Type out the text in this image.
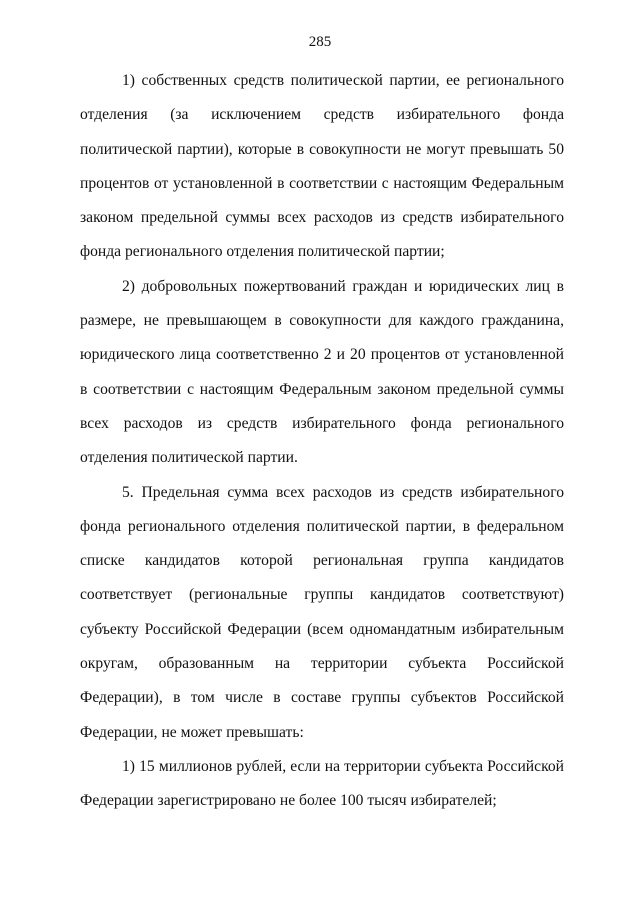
285

1) собственных средств политической партии, ее регионального отделения (за исключением средств избирательного фонда политической партии), которые в совокупности не могут превышать 50 процентов от установленной в соответствии с настоящим Федеральным законом предельной суммы всех расходов из средств избирательного фонда регионального отделения политической партии;

2) добровольных пожертвований граждан и юридических лиц в размере, не превышающем в совокупности для каждого гражданина, юридического лица соответственно 2 и 20 процентов от установленной в соответствии с настоящим Федеральным законом предельной суммы всех расходов из средств избирательного фонда регионального отделения политической партии.

5. Предельная сумма всех расходов из средств избирательного фонда регионального отделения политической партии, в федеральном списке кандидатов которой региональная группа кандидатов соответствует (региональные группы кандидатов соответствуют) субъекту Российской Федерации (всем одномандатным избирательным округам, образованным на территории субъекта Российской Федерации), в том числе в составе группы субъектов Российской Федерации, не может превышать:

1) 15 миллионов рублей, если на территории субъекта Российской Федерации зарегистрировано не более 100 тысяч избирателей;
